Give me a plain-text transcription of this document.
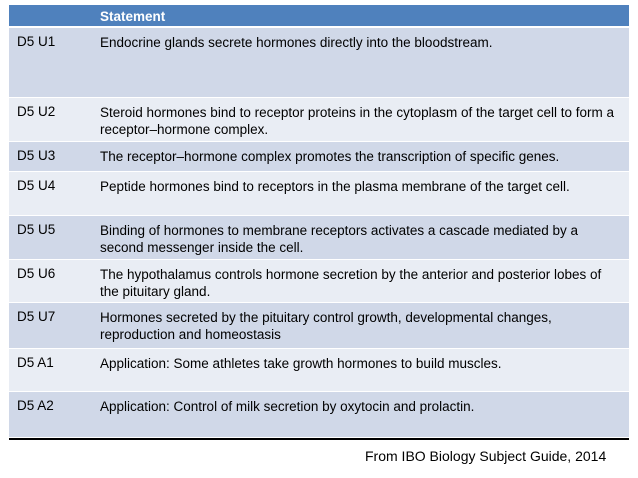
Statement
D5 U1	Endocrine glands secrete hormones directly into the bloodstream.
D5 U2	Steroid hormones bind to receptor proteins in the cytoplasm of the target cell to form a receptor–hormone complex.
D5 U3	The receptor–hormone complex promotes the transcription of specific genes.
D5 U4	Peptide hormones bind to receptors in the plasma membrane of the target cell.
D5 U5	Binding of hormones to membrane receptors activates a cascade mediated by a second messenger inside the cell.
D5 U6	The hypothalamus controls hormone secretion by the anterior and posterior lobes of the pituitary gland.
D5 U7	Hormones secreted by the pituitary control growth, developmental changes, reproduction and homeostasis
D5 A1	Application: Some athletes take growth hormones to build muscles.
D5 A2	Application: Control of milk secretion by oxytocin and prolactin.
From IBO Biology Subject Guide, 2014
